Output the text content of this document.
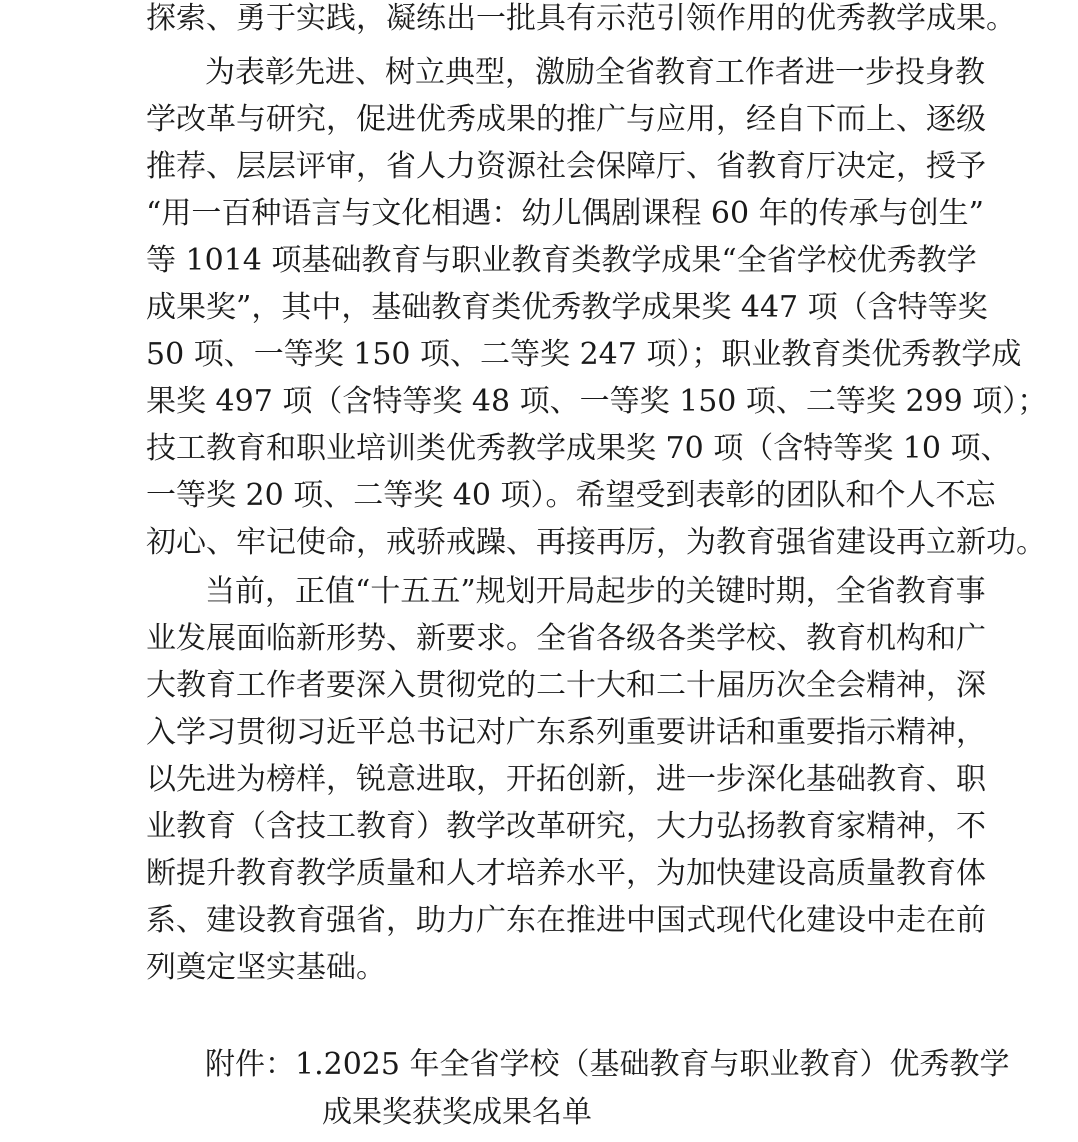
探索、勇于实践，凝练出一批具有示范引领作用的优秀教学成果。
为表彰先进、树立典型，激励全省教育工作者进一步投身教
学改革与研究，促进优秀成果的推广与应用，经自下而上、逐级
推荐、层层评审，省人力资源社会保障厅、省教育厅决定，授予
“用一百种语言与文化相遇：幼儿偶剧课程 60 年的传承与创生”
等 1014 项基础教育与职业教育类教学成果“全省学校优秀教学
成果奖”，其中，基础教育类优秀教学成果奖 447 项（含特等奖
50 项、一等奖 150 项、二等奖 247 项）；职业教育类优秀教学成
果奖 497 项（含特等奖 48 项、一等奖 150 项、二等奖 299 项）；
技工教育和职业培训类优秀教学成果奖 70 项（含特等奖 10 项、
一等奖 20 项、二等奖 40 项）。希望受到表彰的团队和个人不忘
初心、牢记使命，戒骄戒躁、再接再厉，为教育强省建设再立新功。
当前，正值“十五五”规划开局起步的关键时期，全省教育事
业发展面临新形势、新要求。全省各级各类学校、教育机构和广
大教育工作者要深入贯彻党的二十大和二十届历次全会精神，深
入学习贯彻习近平总书记对广东系列重要讲话和重要指示精神，
以先进为榜样，锐意进取，开拓创新，进一步深化基础教育、职
业教育（含技工教育）教学改革研究，大力弘扬教育家精神，不
断提升教育教学质量和人才培养水平，为加快建设高质量教育体
系、建设教育强省，助力广东在推进中国式现代化建设中走在前
列奠定坚实基础。
附件：1.2025 年全省学校（基础教育与职业教育）优秀教学
成果奖获奖成果名单
